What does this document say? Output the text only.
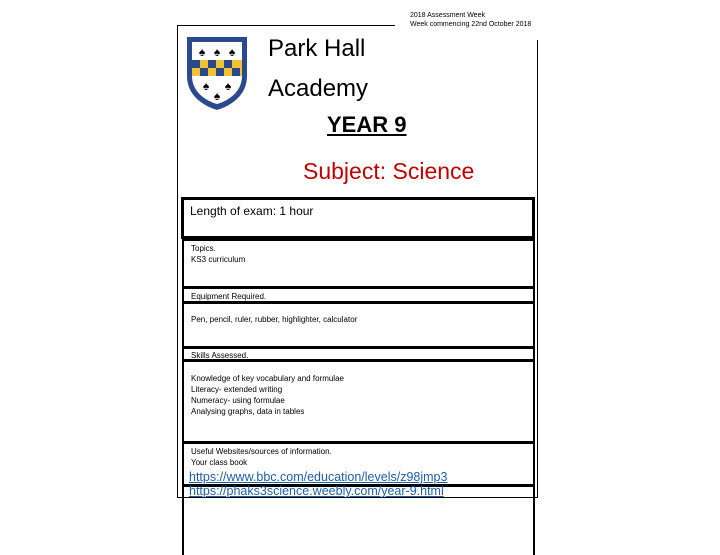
2018 Assessment Week
Week commencing 22nd October 2018
♠ ♠ ♠
♠ ♠
♠
Park Hall
Academy
YEAR 9
Subject: Science
Length of exam: 1 hour
Topics.
KS3 curriculum
Equipment Required.
Pen, pencil, ruler, rubber, highlighter, calculator
Skills Assessed.
Knowledge of key vocabulary and formulae
Literacy- extended writing
Numeracy- using formulae
Analysing graphs, data in tables
Useful Websites/sources of information.
Your class book
https://www.bbc.com/education/levels/z98jmp3
https://phaks3science.weebly.com/year-9.html
